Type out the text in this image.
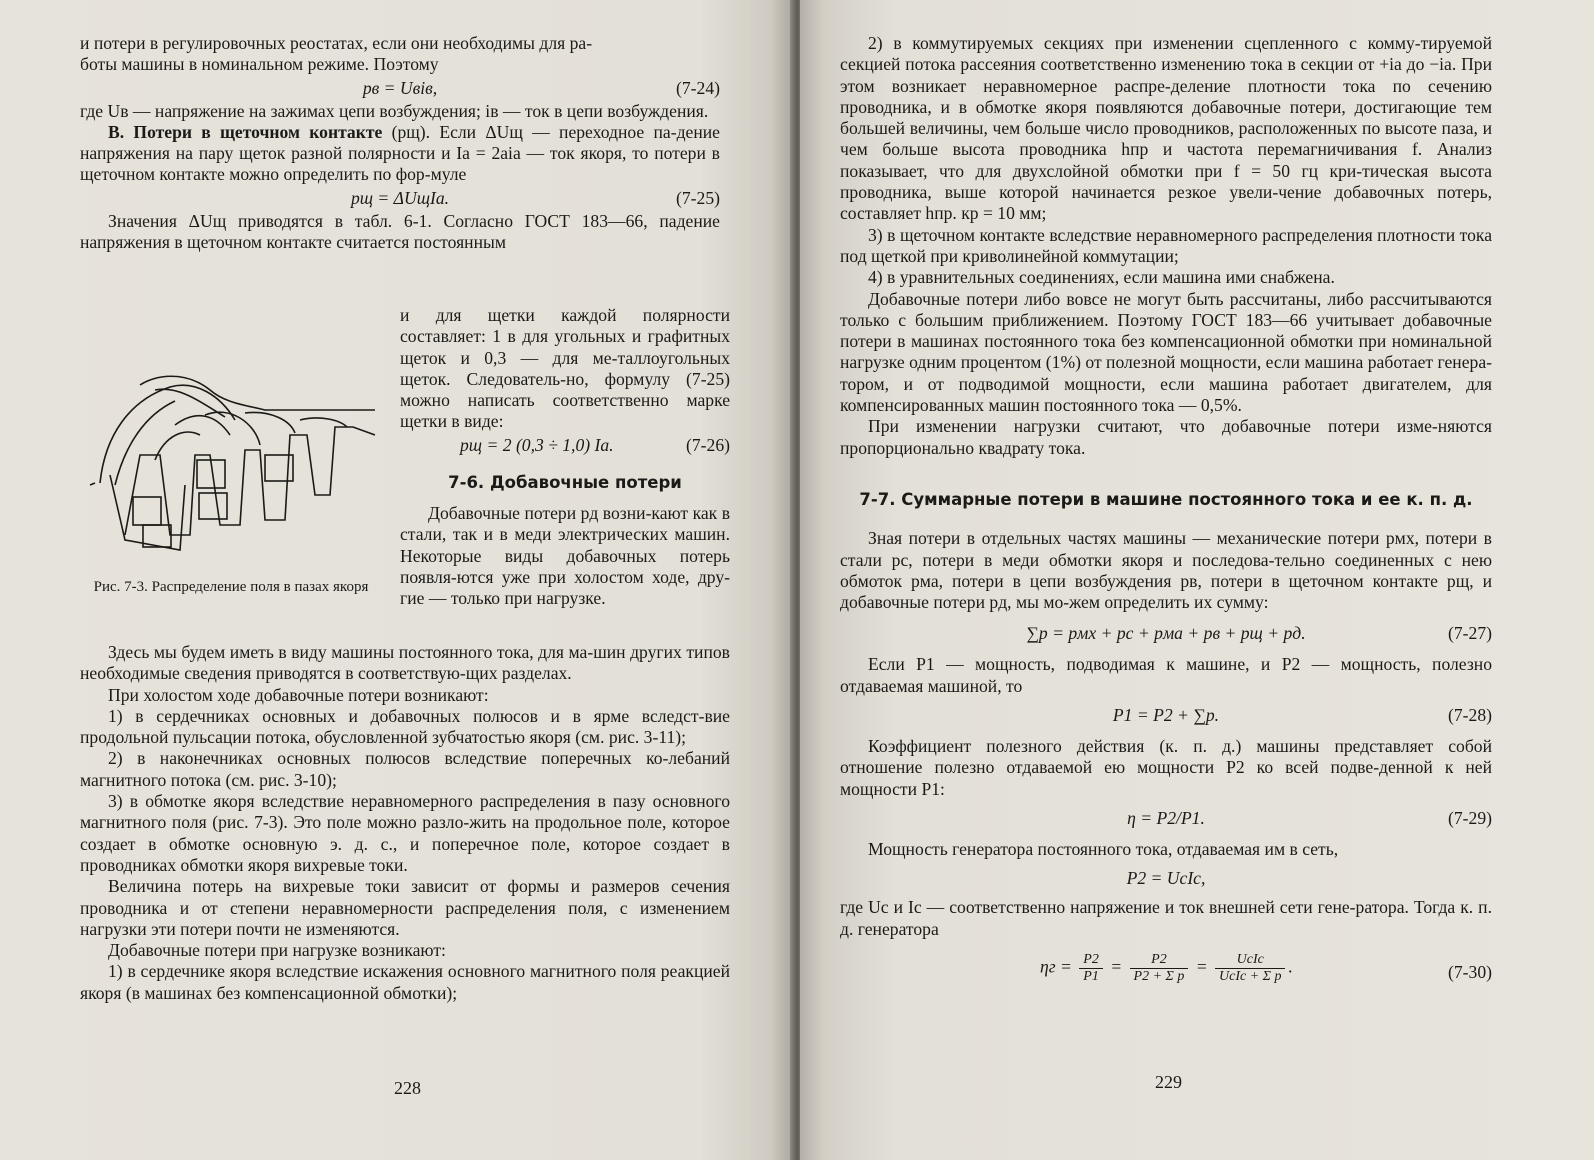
и потери в регулировочных реостатах, если они необходимы для ра-

боты машины в номинальном режиме. Поэтому

pв = Uвiв,	(7-24)

где Uв — напряжение на зажимах цепи возбуждения; iв — ток в цепи возбуждения.

В. Потери в щеточном контакте (pщ). Если ΔUщ — переходное па-дение напряжения на пару щеток разной полярности и Ia = 2aia — ток якоря, то потери в щеточном контакте можно определить по фор-муле

pщ = ΔUщIa.	(7-25)

Значения ΔUщ приводятся в табл. 6-1. Согласно ГОСТ 183—66, падение напряжения в щеточном контакте считается постоянным

и для щетки каждой полярности составляет: 1 в для угольных и графитных щеток и 0,3 — для ме-таллоугольных щеток. Следователь-но, формулу (7-25) можно написать соответственно марке щетки в виде:

pщ = 2 (0,3 ÷ 1,0) Ia.	(7-26)

7-6. Добавочные потери

Добавочные потери pд возни-кают как в стали, так и в меди электрических машин. Некоторые виды добавочных потерь появля-ются уже при холостом ходе, дру-гие — только при нагрузке.

Рис. 7-3. Распределение поля в пазах якоря

Здесь мы будем иметь в виду машины постоянного тока, для ма-шин других типов необходимые сведения приводятся в соответствую-щих разделах.

При холостом ходе добавочные потери возникают:

1) в сердечниках основных и добавочных полюсов и в ярме вследст-вие продольной пульсации потока, обусловленной зубчатостью якоря (см. рис. 3-11);

2) в наконечниках основных полюсов вследствие поперечных ко-лебаний магнитного потока (см. рис. 3-10);

3) в обмотке якоря вследствие неравномерного распределения в пазу основного магнитного поля (рис. 7-3). Это поле можно разло-жить на продольное поле, которое создает в обмотке основную э. д. с., и поперечное поле, которое создает в проводниках обмотки якоря вихревые токи.

Величина потерь на вихревые токи зависит от формы и размеров сечения проводника и от степени неравномерности распределения поля, с изменением нагрузки эти потери почти не изменяются.

Добавочные потери при нагрузке возникают:

1) в сердечнике якоря вследствие искажения основного магнитного поля реакцией якоря (в машинах без компенсационной обмотки);

228

2) в коммутируемых секциях при изменении сцепленного с комму-тируемой секцией потока рассеяния соответственно изменению тока в секции от +ia до −ia. При этом возникает неравномерное распре-деление плотности тока по сечению проводника, и в обмотке якоря появляются добавочные потери, достигающие тем большей величины, чем больше число проводников, расположенных по высоте паза, и чем больше высота проводника hпр и частота перемагничивания f. Анализ показывает, что для двухслойной обмотки при f = 50 гц кри-тическая высота проводника, выше которой начинается резкое увели-чение добавочных потерь, составляет hпр. кр = 10 мм;

3) в щеточном контакте вследствие неравномерного распределения плотности тока под щеткой при криволинейной коммутации;

4) в уравнительных соединениях, если машина ими снабжена.

Добавочные потери либо вовсе не могут быть рассчитаны, либо рассчитываются только с большим приближением. Поэтому ГОСТ 183—66 учитывает добавочные потери в машинах постоянного тока без компенсационной обмотки при номинальной нагрузке одним процентом (1%) от полезной мощности, если машина работает генера-тором, и от подводимой мощности, если машина работает двигателем, для компенсированных машин постоянного тока — 0,5%.

При изменении нагрузки считают, что добавочные потери изме-няются пропорционально квадрату тока.

7-7. Суммарные потери в машине постоянного тока и ее к. п. д.

Зная потери в отдельных частях машины — механические потери pмх, потери в стали pс, потери в меди обмотки якоря и последова-тельно соединенных с нею обмоток pма, потери в цепи возбуждения pв, потери в щеточном контакте pщ, и добавочные потери pд, мы мо-жем определить их сумму:

∑p = pмх + pс + pма + pв + pщ + pд.	(7-27)

Если P1 — мощность, подводимая к машине, и P2 — мощность, полезно отдаваемая машиной, то

P1 = P2 + ∑p.	(7-28)

Коэффициент полезного действия (к. п. д.) машины представляет собой отношение полезно отдаваемой ею мощности P2 ко всей подве-денной к ней мощности P1:

η = P2/P1.	(7-29)

Мощность генератора постоянного тока, отдаваемая им в сеть,

P2 = UсIс,

где Uс и Iс — соответственно напряжение и ток внешней сети гене-ратора. Тогда к. п. д. генератора

$\eta г = \frac{P2}{P1} = \frac{P2}{\text{P2 + Σ p}} = \frac{\text{UсIс}}{\text{UсIс + Σ p}}$ .	(7-30)
229
